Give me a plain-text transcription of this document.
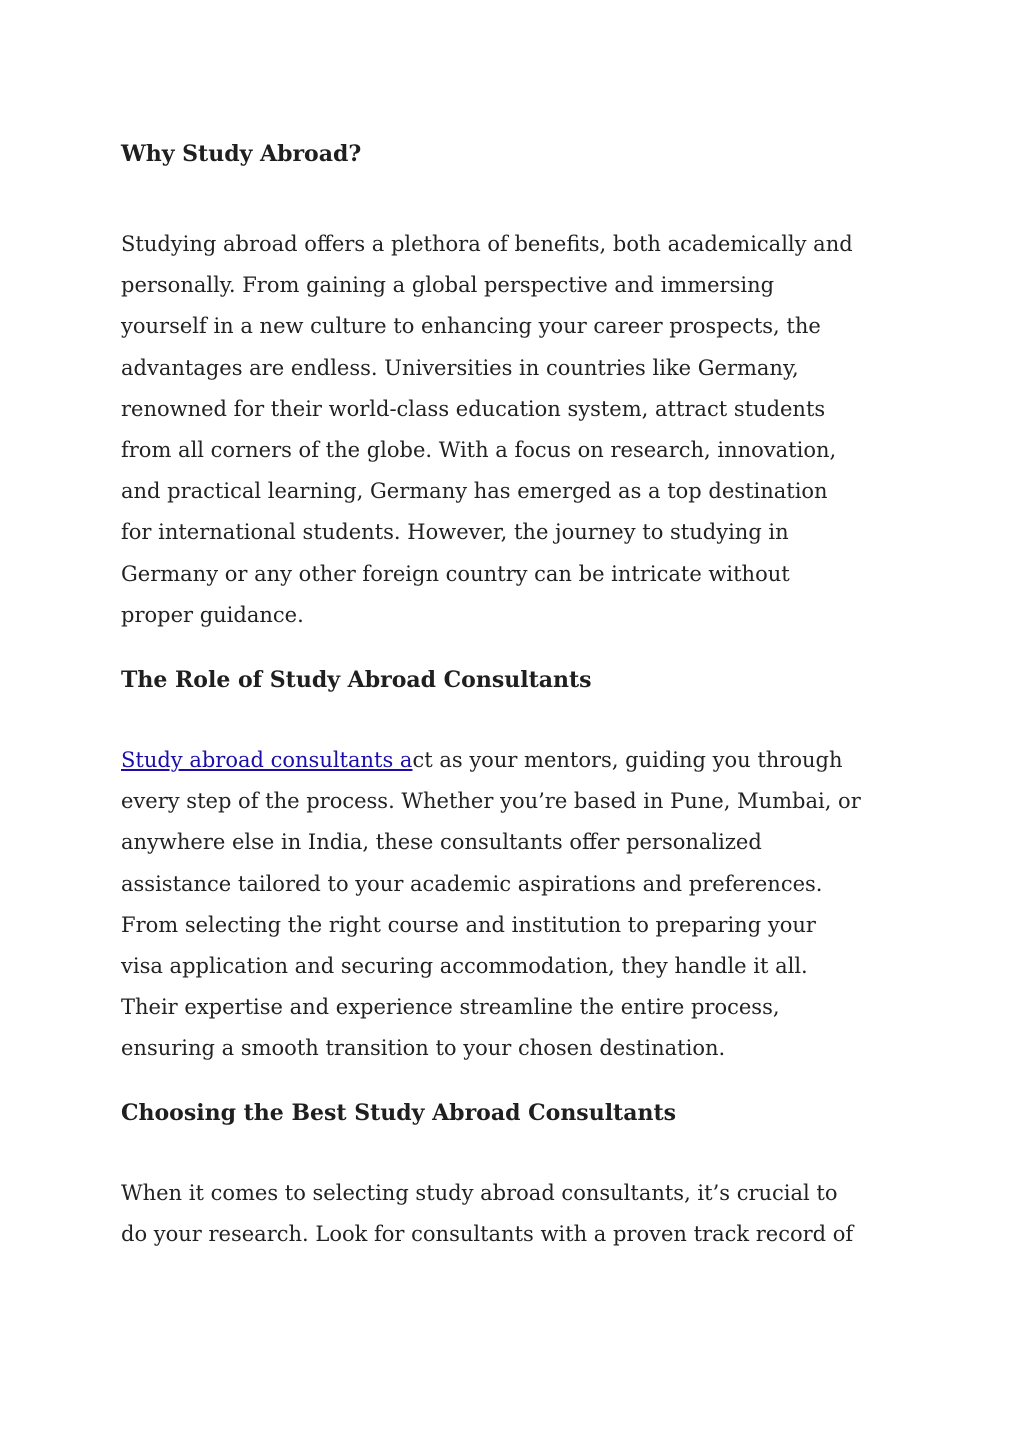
Why Study Abroad?
Studying abroad offers a plethora of benefits, both academically and
personally. From gaining a global perspective and immersing
yourself in a new culture to enhancing your career prospects, the
advantages are endless. Universities in countries like Germany,
renowned for their world-class education system, attract students
from all corners of the globe. With a focus on research, innovation,
and practical learning, Germany has emerged as a top destination
for international students. However, the journey to studying in
Germany or any other foreign country can be intricate without
proper guidance.
The Role of Study Abroad Consultants
Study abroad consultants act as your mentors, guiding you through
every step of the process. Whether you’re based in Pune, Mumbai, or
anywhere else in India, these consultants offer personalized
assistance tailored to your academic aspirations and preferences.
From selecting the right course and institution to preparing your
visa application and securing accommodation, they handle it all.
Their expertise and experience streamline the entire process,
ensuring a smooth transition to your chosen destination.
Choosing the Best Study Abroad Consultants
When it comes to selecting study abroad consultants, it’s crucial to
do your research. Look for consultants with a proven track record of
